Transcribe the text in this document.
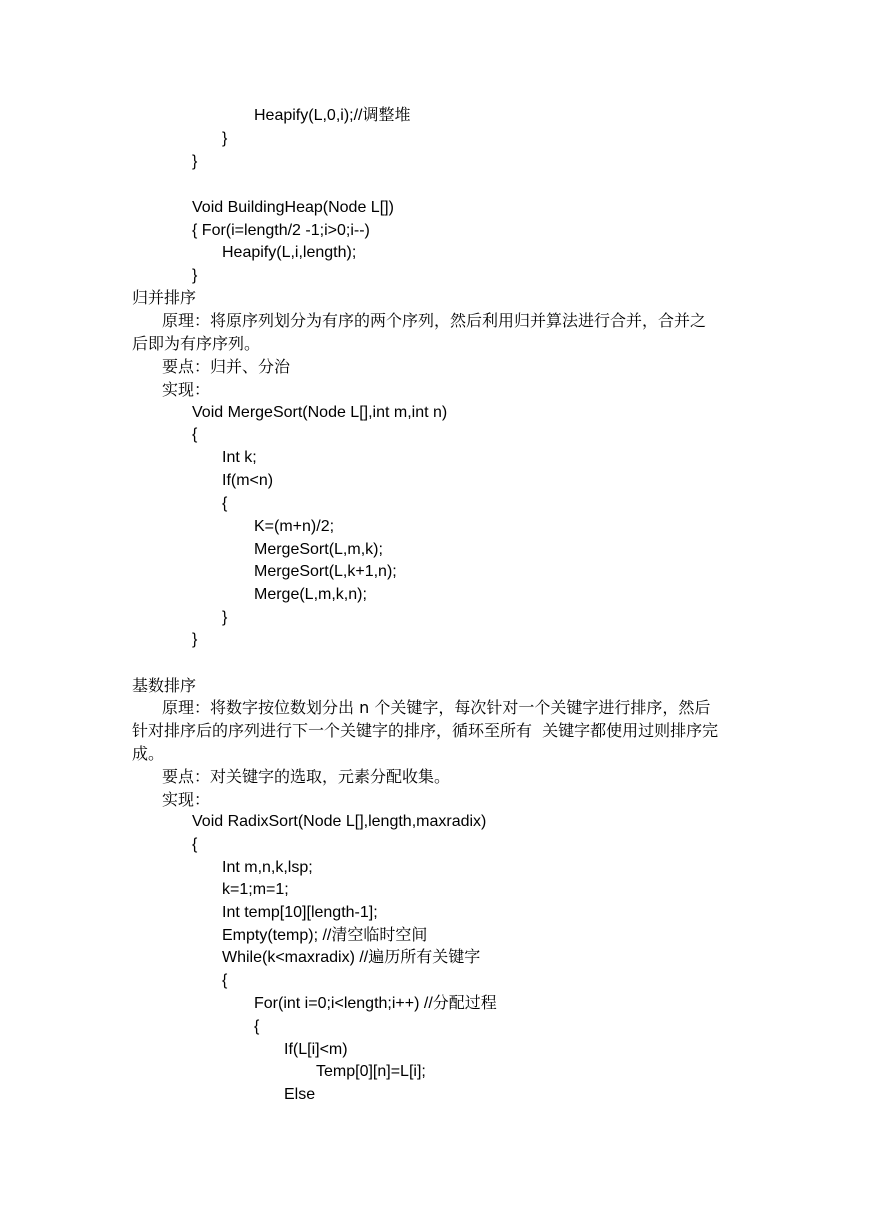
Heapify(L,0,i);//调整堆
}
}
Void BuildingHeap(Node L[])
{ For(i=length/2 -1;i>0;i--)
Heapify(L,i,length);
}
归并排序
原理：将原序列划分为有序的两个序列，然后利用归并算法进行合并，合并之
后即为有序序列。
要点：归并、分治
实现：
Void MergeSort(Node L[],int m,int n)
{
Int k;
If(m<n)
{
K=(m+n)/2;
MergeSort(L,m,k);
MergeSort(L,k+1,n);
Merge(L,m,k,n);
}
}
基数排序
原理：将数字按位数划分出 n 个关键字，每次针对一个关键字进行排序，然后
针对排序后的序列进行下一个关键字的排序，循环至所有  关键字都使用过则排序完
成。
要点：对关键字的选取，元素分配收集。
实现：
Void RadixSort(Node L[],length,maxradix)
{
Int m,n,k,lsp;
k=1;m=1;
Int temp[10][length-1];
Empty(temp); //清空临时空间
While(k<maxradix) //遍历所有关键字
{
For(int i=0;i<length;i++) //分配过程
{
If(L[i]<m)
Temp[0][n]=L[i];
Else
